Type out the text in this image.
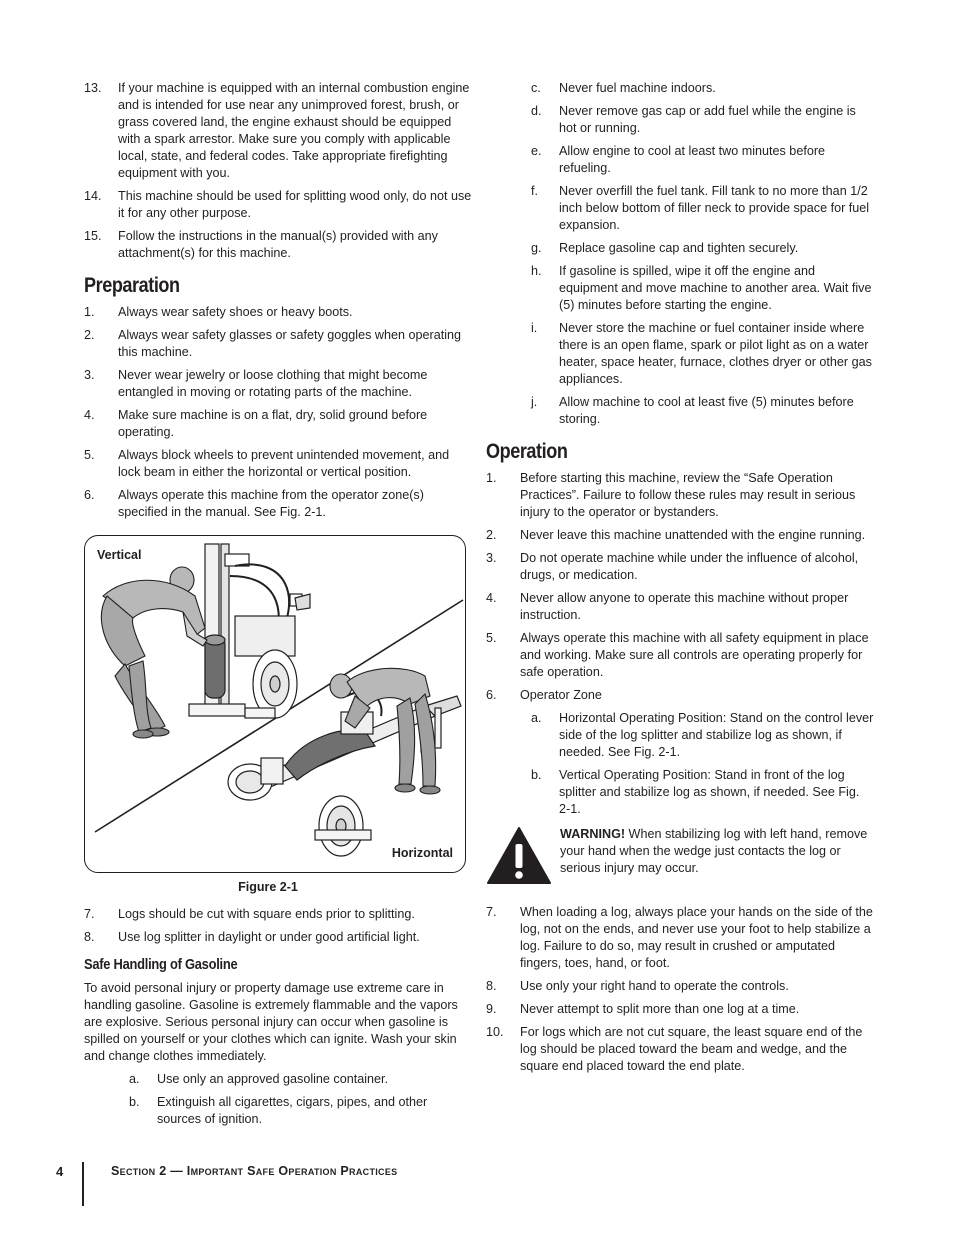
13. If your machine is equipped with an internal combustion engine and is intended for use near any unimproved forest, brush, or grass covered land, the engine exhaust should be equipped with a spark arrestor. Make sure you comply with applicable local, state, and federal codes. Take appropriate firefighting equipment with you.
14. This machine should be used for splitting wood only, do not use it for any other purpose.
15. Follow the instructions in the manual(s) provided with any attachment(s) for this machine.
Preparation
1. Always wear safety shoes or heavy boots.
2. Always wear safety glasses or safety goggles when operating this machine.
3. Never wear jewelry or loose clothing that might become entangled in moving or rotating parts of the machine.
4. Make sure machine is on a flat, dry, solid ground before operating.
5. Always block wheels to prevent unintended movement, and lock beam in either the horizontal or vertical position.
6. Always operate this machine from the operator zone(s) specified in the manual. See Fig. 2-1.
Vertical
Horizontal
Figure 2-1
7. Logs should be cut with square ends prior to splitting.
8. Use log splitter in daylight or under good artificial light.
Safe Handling of Gasoline
To avoid personal injury or property damage use extreme care in handling gasoline. Gasoline is extremely flammable and the vapors are explosive. Serious personal injury can occur when gasoline is spilled on yourself or your clothes which can ignite. Wash your skin and change clothes immediately.
a. Use only an approved gasoline container.
b. Extinguish all cigarettes, cigars, pipes, and other sources of ignition.
c. Never fuel machine indoors.
d. Never remove gas cap or add fuel while the engine is hot or running.
e. Allow engine to cool at least two minutes before refueling.
f. Never overfill the fuel tank. Fill tank to no more than 1/2 inch below bottom of filler neck to provide space for fuel expansion.
g. Replace gasoline cap and tighten securely.
h. If gasoline is spilled, wipe it off the engine and equipment and move machine to another area. Wait five (5) minutes before starting the engine.
i. Never store the machine or fuel container inside where there is an open flame, spark or pilot light as on a water heater, space heater, furnace, clothes dryer or other gas appliances.
j. Allow machine to cool at least five (5) minutes before storing.
Operation
1. Before starting this machine, review the “Safe Operation Practices”. Failure to follow these rules may result in serious injury to the operator or bystanders.
2. Never leave this machine unattended with the engine running.
3. Do not operate machine while under the influence of alcohol, drugs, or medication.
4. Never allow anyone to operate this machine without proper instruction.
5. Always operate this machine with all safety equipment in place and working. Make sure all controls are operating properly for safe operation.
6. Operator Zone
a. Horizontal Operating Position: Stand on the control lever side of the log splitter and stabilize log as shown, if needed. See Fig. 2-1.
b. Vertical Operating Position: Stand in front of the log splitter and stabilize log as shown, if needed. See Fig. 2-1.
WARNING! When stabilizing log with left hand, remove your hand when the wedge just contacts the log or serious injury may occur.
7. When loading a log, always place your hands on the side of the log, not on the ends, and never use your foot to help stabilize a log. Failure to do so, may result in crushed or amputated fingers, toes, hand, or foot.
8. Use only your right hand to operate the controls.
9. Never attempt to split more than one log at a time.
10. For logs which are not cut square, the least square end of the log should be placed toward the beam and wedge, and the square end placed toward the end plate.
4	Section 2 — Important Safe Operation Practices
